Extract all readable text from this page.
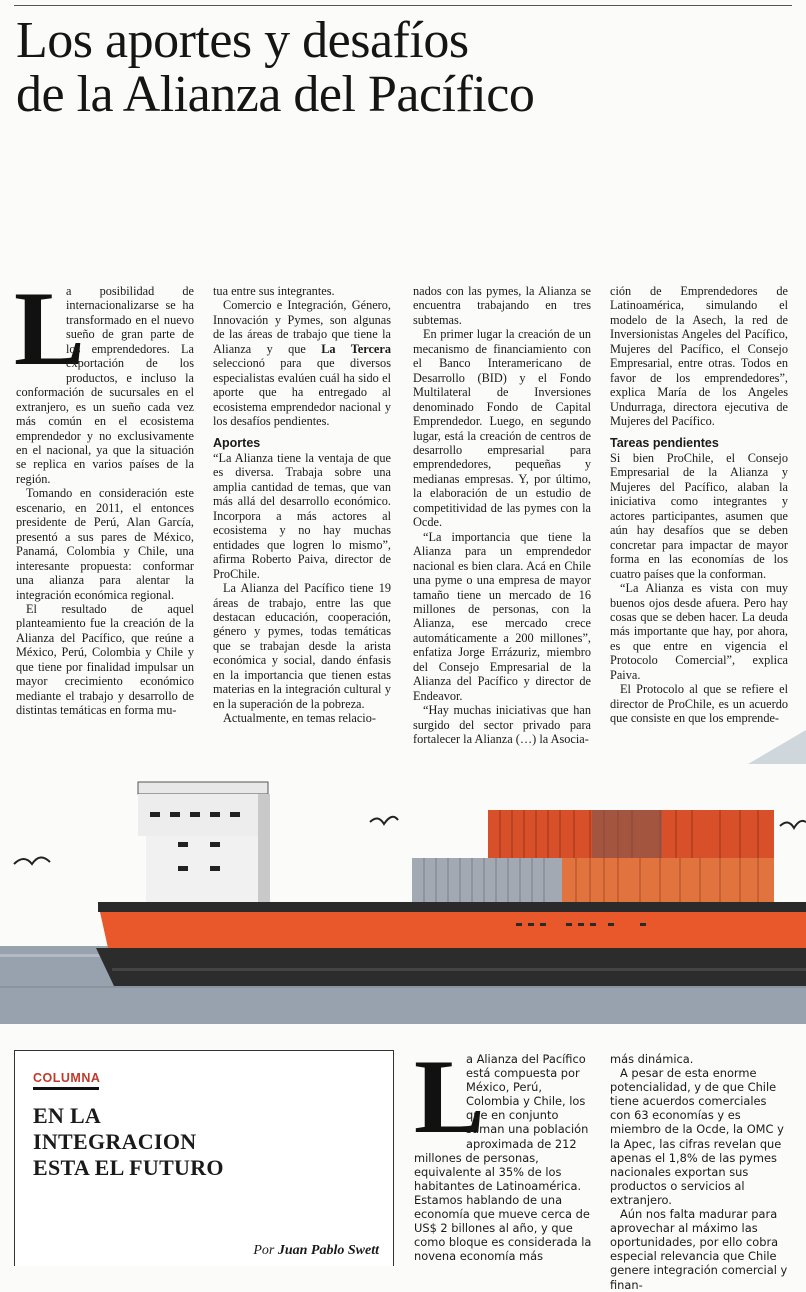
Los aportes y desafíos
de la Alianza del Pacífico
L

a posibilidad de internacionalizarse se ha transformado en el nuevo sueño de gran parte de los emprendedores. La exportación de los productos, e incluso la conformación de sucursales en el extranjero, es un sueño cada vez más común en el ecosistema emprendedor y no exclusivamente en el nacional, ya que la situación se replica en varios países de la región.

Tomando en consideración este escenario, en 2011, el entonces presidente de Perú, Alan García, presentó a sus pares de México, Panamá, Colombia y Chile, una interesante propuesta: conformar una alianza para alentar la integración económica regional.

El resultado de aquel planteamiento fue la creación de la Alianza del Pacífico, que reúne a México, Perú, Colombia y Chile y que tiene por finalidad impulsar un mayor crecimiento económico mediante el trabajo y desarrollo de distintas temáticas en forma mu-

tua entre sus integrantes.

Comercio e Integración, Género, Innovación y Pymes, son algunas de las áreas de trabajo que tiene la Alianza y que La Tercera seleccionó para que diversos especialistas evalúen cuál ha sido el aporte que ha entregado al ecosistema emprendedor nacional y los desafíos pendientes.

Aportes

“La Alianza tiene la ventaja de que es diversa. Trabaja sobre una amplia cantidad de temas, que van más allá del desarrollo económico. Incorpora a más actores al ecosistema y no hay muchas entidades que logren lo mismo”, afirma Roberto Paiva, director de ProChile.

La Alianza del Pacífico tiene 19 áreas de trabajo, entre las que destacan educación, cooperación, género y pymes, todas temáticas que se trabajan desde la arista económica y social, dando énfasis en la importancia que tienen estas materias en la integración cultural y en la superación de la pobreza.

Actualmente, en temas relacio-

nados con las pymes, la Alianza se encuentra trabajando en tres subtemas.

En primer lugar la creación de un mecanismo de financiamiento con el Banco Interamericano de Desarrollo (BID) y el Fondo Multilateral de Inversiones denominado Fondo de Capital Emprendedor. Luego, en segundo lugar, está la creación de centros de desarrollo empresarial para emprendedores, pequeñas y medianas empresas. Y, por último, la elaboración de un estudio de competitividad de las pymes con la Ocde.

“La importancia que tiene la Alianza para un emprendedor nacional es bien clara. Acá en Chile una pyme o una empresa de mayor tamaño tiene un mercado de 16 millones de personas, con la Alianza, ese mercado crece automáticamente a 200 millones”, enfatiza Jorge Errázuriz, miembro del Consejo Empresarial de la Alianza del Pacífico y director de Endeavor.

“Hay muchas iniciativas que han surgido del sector privado para fortalecer la Alianza (…) la Asocia-

ción de Emprendedores de Latinoamérica, simulando el modelo de la Asech, la red de Inversionistas Angeles del Pacífico, Mujeres del Pacífico, el Consejo Empresarial, entre otras. Todos en favor de los emprendedores”, explica María de los Angeles Undurraga, directora ejecutiva de Mujeres del Pacífico.

Tareas pendientes

Si bien ProChile, el Consejo Empresarial de la Alianza y Mujeres del Pacífico, alaban la iniciativa como integrantes y actores participantes, asumen que aún hay desafíos que se deben concretar para impactar de mayor forma en las economías de los cuatro países que la conforman.

“La Alianza es vista con muy buenos ojos desde afuera. Pero hay cosas que se deben hacer. La deuda más importante que hay, por ahora, es que entre en vigencia el Protocolo Comercial”, explica Paiva.

El Protocolo al que se refiere el director de ProChile, es un acuerdo que consiste en que los emprende-

COLUMNA
EN LA
INTEGRACION
ESTA EL FUTURO
Por Juan Pablo Swett
L

a Alianza del Pacífico está compuesta por México, Perú, Colombia y Chile, los que en conjunto suman una población aproximada de 212 millones de personas, equivalente al 35% de los habitantes de Latinoamérica. Estamos hablando de una economía que mueve cerca de US$ 2 billones al año, y que como bloque es considerada la novena economía más

más dinámica.

A pesar de esta enorme potencialidad, y de que Chile tiene acuerdos comerciales con 63 economías y es miembro de la Ocde, la OMC y la Apec, las cifras revelan que apenas el 1,8% de las pymes nacionales exportan sus productos o servicios al extranjero.

Aún nos falta madurar para aprovechar al máximo las oportunidades, por ello cobra especial relevancia que Chile genere integración comercial y finan-
